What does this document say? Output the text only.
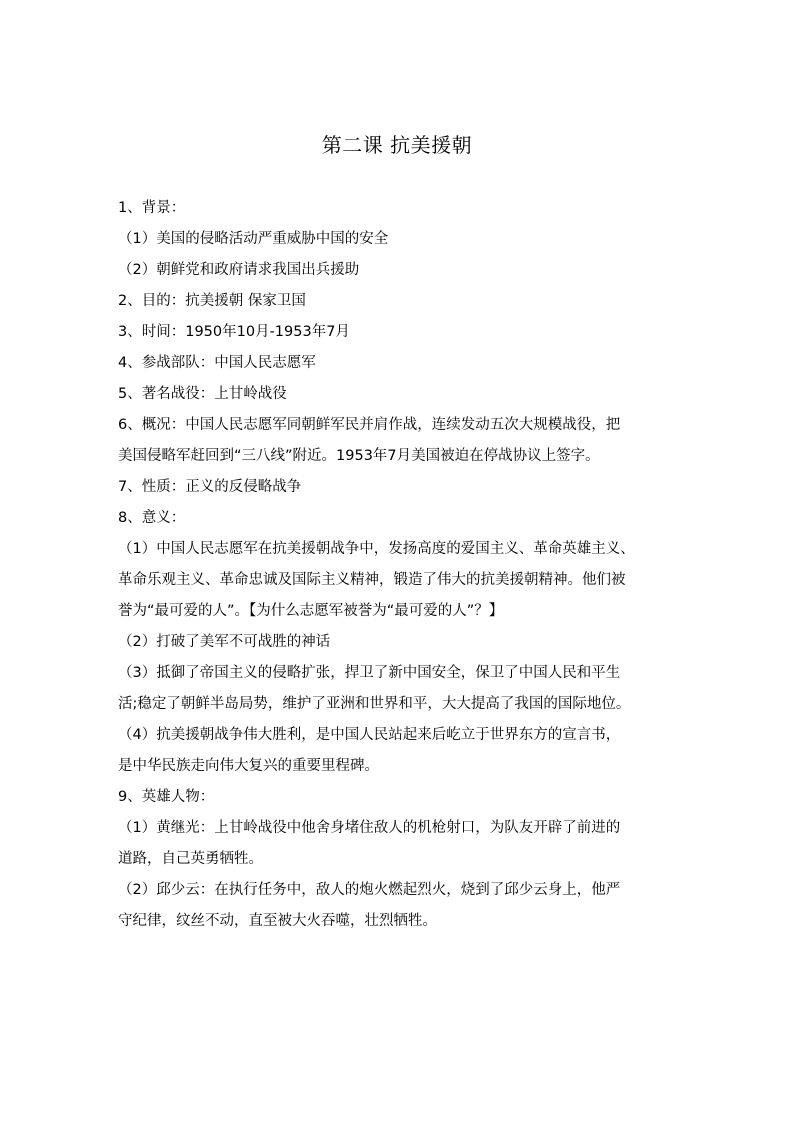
第二课 抗美援朝
1、背景：
（1）美国的侵略活动严重威胁中国的安全
（2）朝鲜党和政府请求我国出兵援助
2、目的：抗美援朝 保家卫国
3、时间：1950年10月-1953年7月
4、参战部队：中国人民志愿军
5、著名战役：上甘岭战役
6、概况：中国人民志愿军同朝鲜军民并肩作战，连续发动五次大规模战役，把
美国侵略军赶回到“三八线”附近。1953年7月美国被迫在停战协议上签字。
7、性质：正义的反侵略战争
8、意义：
（1）中国人民志愿军在抗美援朝战争中，发扬高度的爱国主义、革命英雄主义、
革命乐观主义、革命忠诚及国际主义精神，锻造了伟大的抗美援朝精神。他们被
誉为“最可爱的人”。【为什么志愿军被誉为“最可爱的人”？】
（2）打破了美军不可战胜的神话
（3）抵御了帝国主义的侵略扩张，捍卫了新中国安全，保卫了中国人民和平生
活;稳定了朝鲜半岛局势，维护了亚洲和世界和平，大大提高了我国的国际地位。
（4）抗美援朝战争伟大胜利，是中国人民站起来后屹立于世界东方的宣言书，
是中华民族走向伟大复兴的重要里程碑。
9、英雄人物：
（1）黄继光：上甘岭战役中他舍身堵住敌人的机枪射口，为队友开辟了前进的
道路，自己英勇牺牲。
（2）邱少云：在执行任务中，敌人的炮火燃起烈火，烧到了邱少云身上，他严
守纪律，纹丝不动，直至被大火吞噬，壮烈牺牲。
